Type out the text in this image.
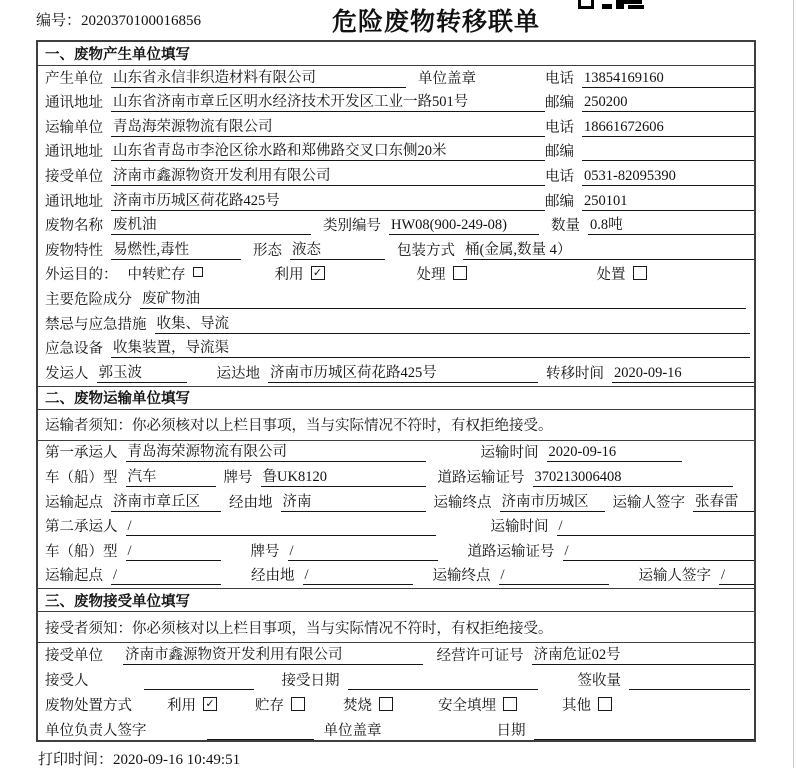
编号：2020370100016856	危险废物转移联单
一、废物产生单位填写
产生单位 山东省永信非织造材料有限公司	单位盖章	电话 13854169160
通讯地址 山东省济南市章丘区明水经济技术开发区工业一路501号	邮编 250200
运输单位 青岛海荣源物流有限公司	电话 18661672606
通讯地址 山东省青岛市李沧区徐水路和郑佛路交叉口东侧20米	邮编
接受单位 济南市鑫源物资开发利用有限公司	电话 0531-82095390
通讯地址 济南市历城区荷花路425号	邮编 250101
废物名称 废机油	类别编号 HW08(900-249-08)	数量 0.8吨
废物特性 易燃性,毒性	形态 液态	包装方式 桶(金属,数量 4）
外运目的： 中转贮存	利用 ✓	处理	处置
主要危险成分 废矿物油
禁忌与应急措施 收集、导流
应急设备 收集装置，导流渠
发运人 郭玉波	运达地 济南市历城区荷花路425号	转移时间 2020-09-16
二、废物运输单位填写
运输者须知：你必须核对以上栏目事项，当与实际情况不符时，有权拒绝接受。
第一承运人 青岛海荣源物流有限公司	运输时间 2020-09-16
车（船）型 汽车	牌号 鲁UK8120	道路运输证号 370213006408
运输起点 济南市章丘区	经由地 济南	运输终点 济南市历城区	运输人签字 张春雷
第二承运人 /	运输时间 /
车（船）型 /	牌号 /	道路运输证号 /
运输起点 /	经由地 /	运输终点 /	运输人签字 /
三、废物接受单位填写
接受者须知：你必须核对以上栏目事项，当与实际情况不符时，有权拒绝接受。
接受单位 济南市鑫源物资开发利用有限公司	经营许可证号 济南危证02号
接受人	接受日期	签收量
废物处置方式 利用 ✓	贮存	焚烧	安全填埋	其他
单位负责人签字	单位盖章	日期
打印时间：2020-09-16 10:49:51
